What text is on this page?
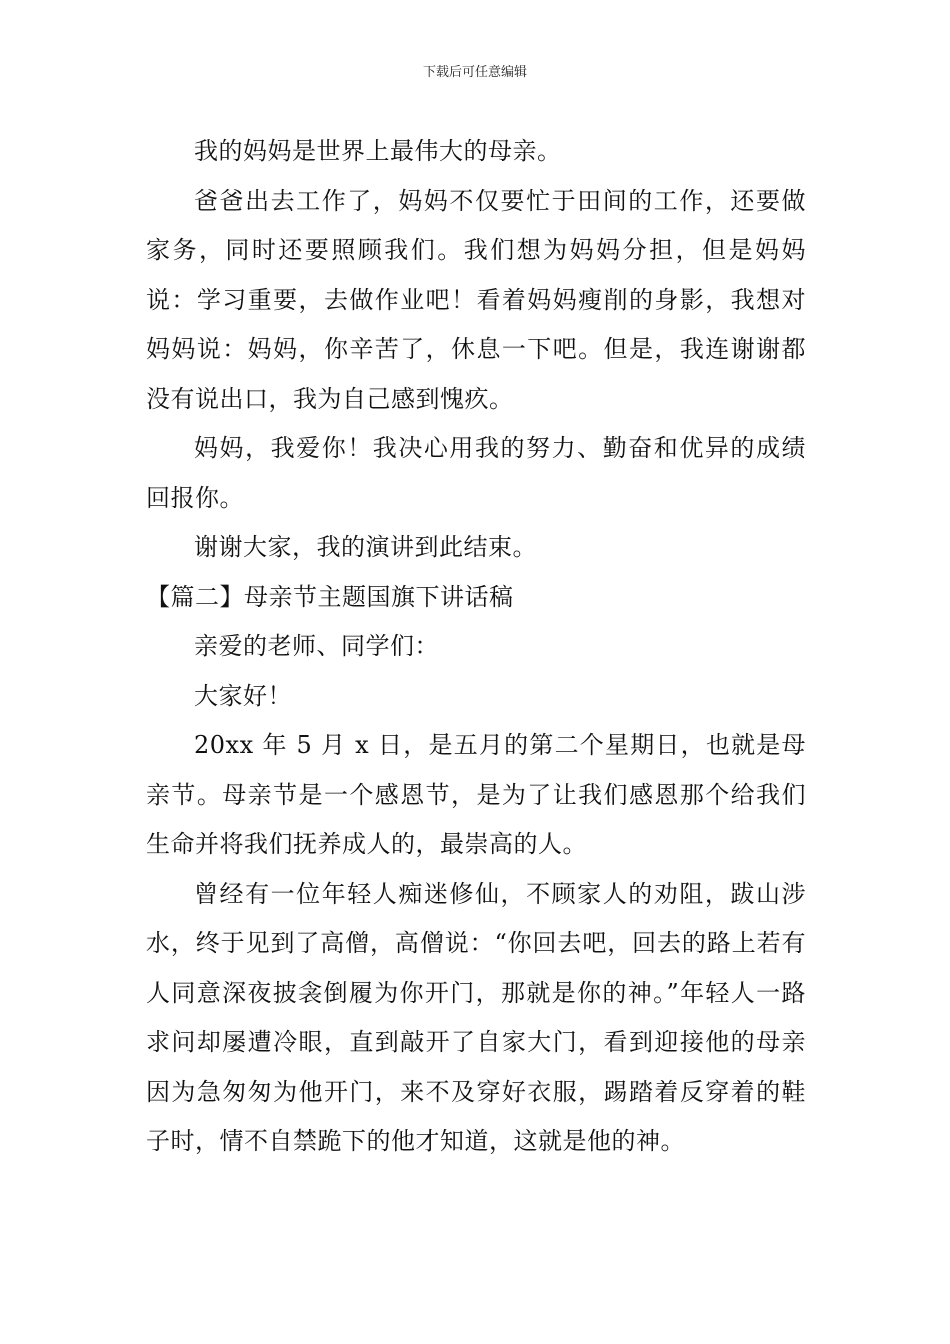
下载后可任意编辑

我的妈妈是世界上最伟大的母亲。

爸爸出去工作了，妈妈不仅要忙于田间的工作，还要做家务，同时还要照顾我们。我们想为妈妈分担，但是妈妈说：学习重要，去做作业吧！看着妈妈瘦削的身影，我想对妈妈说：妈妈，你辛苦了，休息一下吧。但是，我连谢谢都没有说出口，我为自己感到愧疚。

妈妈，我爱你！我决心用我的努力、勤奋和优异的成绩回报你。

谢谢大家，我的演讲到此结束。

【篇二】母亲节主题国旗下讲话稿

亲爱的老师、同学们：

大家好！

20xx 年 5 月 x 日，是五月的第二个星期日，也就是母亲节。母亲节是一个感恩节，是为了让我们感恩那个给我们生命并将我们抚养成人的，最崇高的人。

曾经有一位年轻人痴迷修仙，不顾家人的劝阻，跋山涉水，终于见到了高僧，高僧说：“你回去吧，回去的路上若有人同意深夜披衾倒履为你开门，那就是你的神。”年轻人一路求问却屡遭冷眼，直到敲开了自家大门，看到迎接他的母亲因为急匆匆为他开门，来不及穿好衣服，踢踏着反穿着的鞋子时，情不自禁跪下的他才知道，这就是他的神。
